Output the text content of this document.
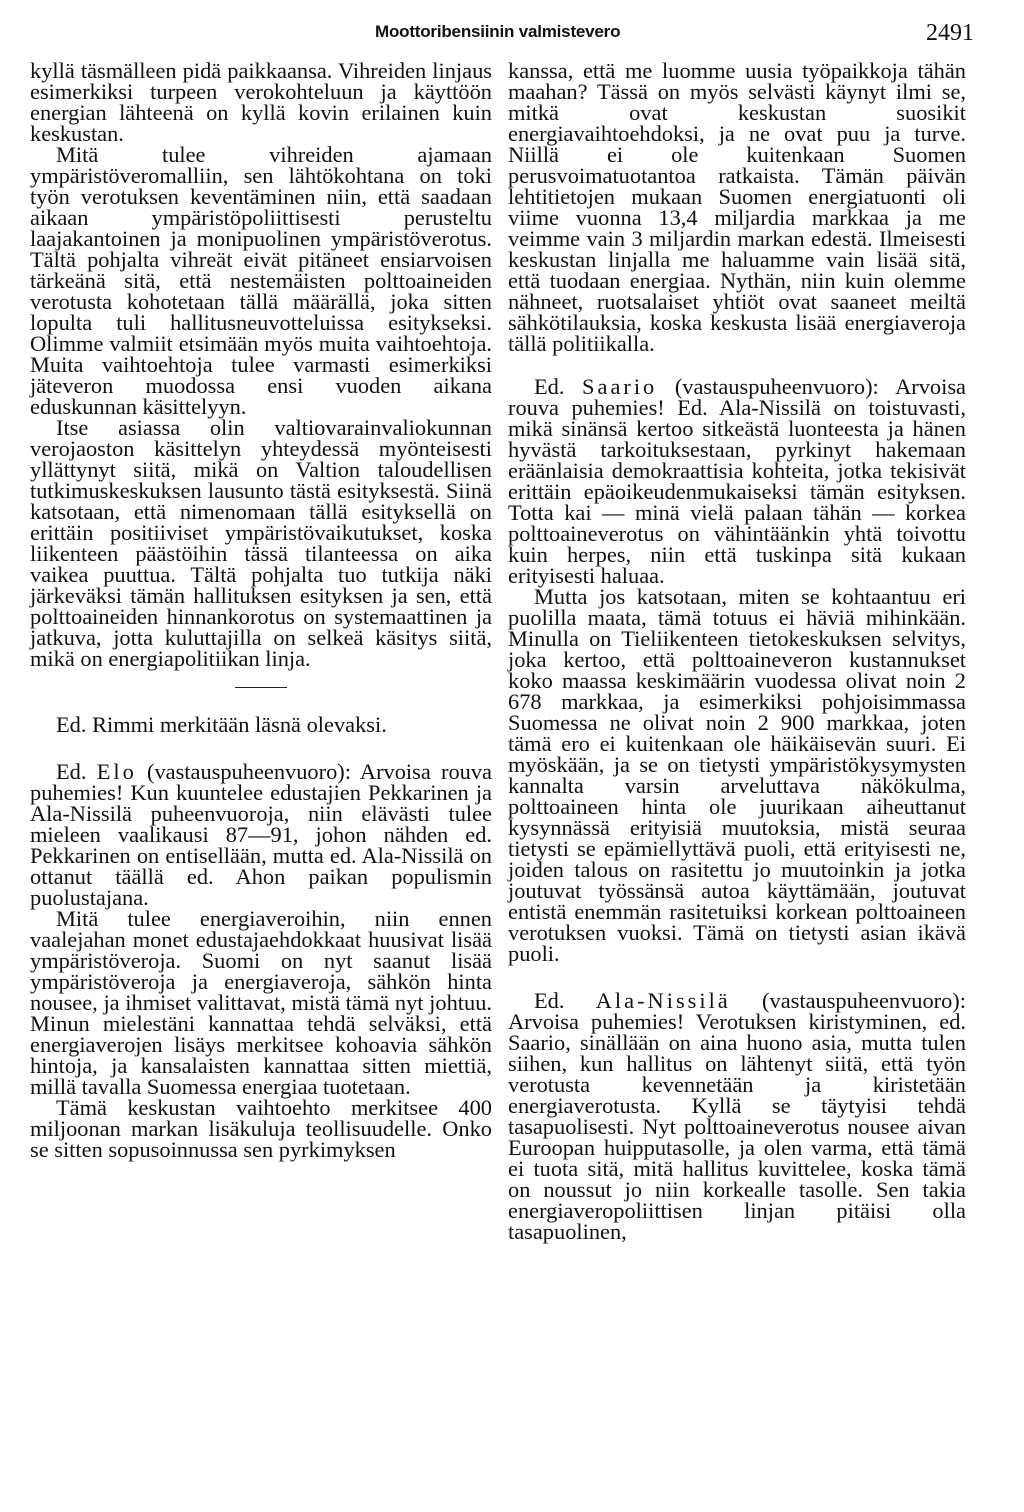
Moottoribensiinin valmistevero	2491

kyllä täsmälleen pidä paikkaansa. Vihreiden linjaus esimerkiksi turpeen verokohteluun ja käyttöön energian lähteenä on kyllä kovin erilainen kuin keskustan.

Mitä tulee vihreiden ajamaan ympäristöveromalliin, sen lähtökohtana on toki työn verotuksen keventäminen niin, että saadaan aikaan ympäristöpoliittisesti perusteltu laajakantoinen ja monipuolinen ympäristöverotus. Tältä pohjalta vihreät eivät pitäneet ensiarvoisen tärkeänä sitä, että nestemäisten polttoaineiden verotusta kohotetaan tällä määrällä, joka sitten lopulta tuli hallitusneuvotteluissa esitykseksi. Olimme valmiit etsimään myös muita vaihtoehtoja. Muita vaihtoehtoja tulee varmasti esimerkiksi jäteveron muodossa ensi vuoden aikana eduskunnan käsittelyyn.

Itse asiassa olin valtiovarainvaliokunnan verojaoston käsittelyn yhteydessä myönteisesti yllättynyt siitä, mikä on Valtion taloudellisen tutkimuskeskuksen lausunto tästä esityksestä. Siinä katsotaan, että nimenomaan tällä esityksellä on erittäin positiiviset ympäristövaikutukset, koska liikenteen päästöihin tässä tilanteessa on aika vaikea puuttua. Tältä pohjalta tuo tutkija näki järkeväksi tämän hallituksen esityksen ja sen, että polttoaineiden hinnankorotus on systemaattinen ja jatkuva, jotta kuluttajilla on selkeä käsitys siitä, mikä on energiapolitiikan linja.

Ed. Rimmi merkitään läsnä olevaksi.

Ed. Elo (vastauspuheenvuoro): Arvoisa rouva puhemies! Kun kuuntelee edustajien Pekkarinen ja Ala-Nissilä puheenvuoroja, niin elävästi tulee mieleen vaalikausi 87—91, johon nähden ed. Pekkarinen on entisellään, mutta ed. Ala-Nissilä on ottanut täällä ed. Ahon paikan populismin puolustajana.

Mitä tulee energiaveroihin, niin ennen vaalejahan monet edustajaehdokkaat huusivat lisää ympäristöveroja. Suomi on nyt saanut lisää ympäristöveroja ja energiaveroja, sähkön hinta nousee, ja ihmiset valittavat, mistä tämä nyt johtuu. Minun mielestäni kannattaa tehdä selväksi, että energiaverojen lisäys merkitsee kohoavia sähkön hintoja, ja kansalaisten kannattaa sitten miettiä, millä tavalla Suomessa energiaa tuotetaan.

Tämä keskustan vaihtoehto merkitsee 400 miljoonan markan lisäkuluja teollisuudelle. Onko se sitten sopusoinnussa sen pyrkimyksen

kanssa, että me luomme uusia työpaikkoja tähän maahan? Tässä on myös selvästi käynyt ilmi se, mitkä ovat keskustan suosikit energiavaihtoehdoksi, ja ne ovat puu ja turve. Niillä ei ole kuitenkaan Suomen perusvoimatuotantoa ratkaista. Tämän päivän lehtitietojen mukaan Suomen energiatuonti oli viime vuonna 13,4 miljardia markkaa ja me veimme vain 3 miljardin markan edestä. Ilmeisesti keskustan linjalla me haluamme vain lisää sitä, että tuodaan energiaa. Nythän, niin kuin olemme nähneet, ruotsalaiset yhtiöt ovat saaneet meiltä sähkötilauksia, koska keskusta lisää energiaveroja tällä politiikalla.

Ed. Saario (vastauspuheenvuoro): Arvoisa rouva puhemies! Ed. Ala-Nissilä on toistuvasti, mikä sinänsä kertoo sitkeästä luonteesta ja hänen hyvästä tarkoituksestaan, pyrkinyt hakemaan eräänlaisia demokraattisia kohteita, jotka tekisivät erittäin epäoikeudenmukaiseksi tämän esityksen. Totta kai — minä vielä palaan tähän — korkea polttoaineverotus on vähintäänkin yhtä toivottu kuin herpes, niin että tuskinpa sitä kukaan erityisesti haluaa.

Mutta jos katsotaan, miten se kohtaantuu eri puolilla maata, tämä totuus ei häviä mihinkään. Minulla on Tieliikenteen tietokeskuksen selvitys, joka kertoo, että polttoaineveron kustannukset koko maassa keskimäärin vuodessa olivat noin 2 678 markkaa, ja esimerkiksi pohjoisimmassa Suomessa ne olivat noin 2 900 markkaa, joten tämä ero ei kuitenkaan ole häikäisevän suuri. Ei myöskään, ja se on tietysti ympäristökysymysten kannalta varsin arveluttava näkökulma, polttoaineen hinta ole juurikaan aiheuttanut kysynnässä erityisiä muutoksia, mistä seuraa tietysti se epämiellyttävä puoli, että erityisesti ne, joiden talous on rasitettu jo muutoinkin ja jotka joutuvat työssänsä autoa käyttämään, joutuvat entistä enemmän rasitetuiksi korkean polttoaineen verotuksen vuoksi. Tämä on tietysti asian ikävä puoli.

Ed. Ala-Nissilä (vastauspuheenvuoro): Arvoisa puhemies! Verotuksen kiristyminen, ed. Saario, sinällään on aina huono asia, mutta tulen siihen, kun hallitus on lähtenyt siitä, että työn verotusta kevennetään ja kiristetään energiaverotusta. Kyllä se täytyisi tehdä tasapuolisesti. Nyt polttoaineverotus nousee aivan Euroopan huipputasolle, ja olen varma, että tämä ei tuota sitä, mitä hallitus kuvittelee, koska tämä on noussut jo niin korkealle tasolle. Sen takia energiaveropoliittisen linjan pitäisi olla tasapuolinen,
